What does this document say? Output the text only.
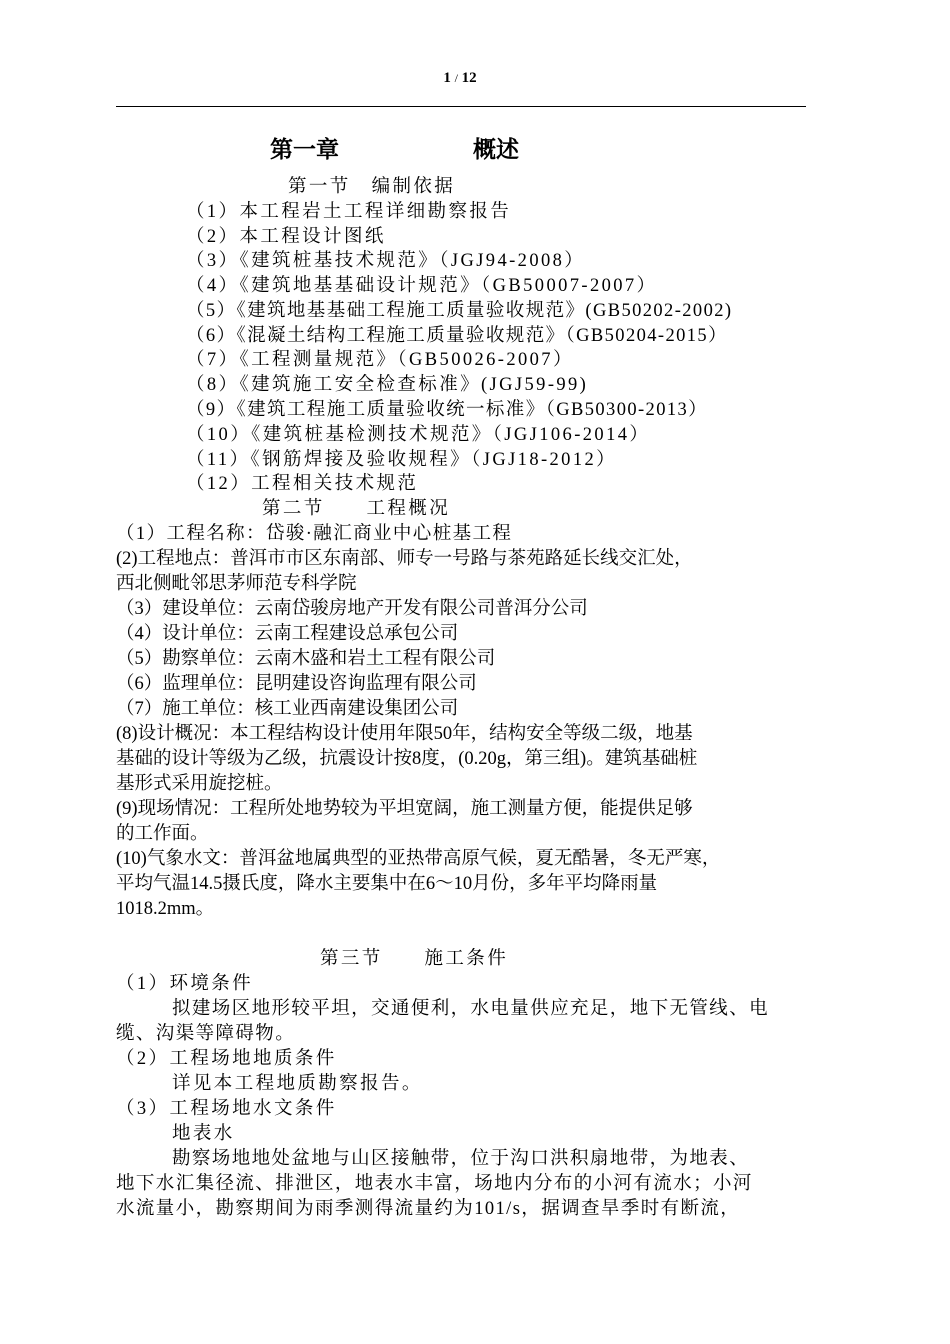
1 / 12
第一章	概述
第一节　编制依据
（1）本工程岩土工程详细勘察报告
（2）本工程设计图纸
（3）《建筑桩基技术规范》（JGJ94-2008）
（4）《建筑地基基础设计规范》（GB50007-2007）
（5）《建筑地基基础工程施工质量验收规范》(GB50202-2002)
（6）《混凝土结构工程施工质量验收规范》（GB50204-2015）
（7）《工程测量规范》（GB50026-2007）
（8）《建筑施工安全检查标准》(JGJ59-99)
（9）《建筑工程施工质量验收统一标准》（GB50300-2013）
（10）《建筑桩基检测技术规范》（JGJ106-2014）
（11）《钢筋焊接及验收规程》（JGJ18-2012）
（12）工程相关技术规范
第二节　　工程概况
（1）工程名称：岱骏·融汇商业中心桩基工程
(2)工程地点：普洱市市区东南部、师专一号路与茶苑路延长线交汇处，
西北侧毗邻思茅师范专科学院
（3）建设单位：云南岱骏房地产开发有限公司普洱分公司
（4）设计单位：云南工程建设总承包公司
（5）勘察单位：云南木盛和岩土工程有限公司
（6）监理单位：昆明建设咨询监理有限公司
（7）施工单位：核工业西南建设集团公司
(8)设计概况：本工程结构设计使用年限50年，结构安全等级二级，地基
基础的设计等级为乙级，抗震设计按8度，(0.20g，第三组)。建筑基础桩
基形式采用旋挖桩。
(9)现场情况：工程所处地势较为平坦宽阔，施工测量方便，能提供足够
的工作面。
(10)气象水文：普洱盆地属典型的亚热带高原气候，夏无酷暑，冬无严寒，
平均气温14.5摄氏度，降水主要集中在6～10月份，多年平均降雨量
1018.2mm。
第三节　　施工条件
（1）环境条件
拟建场区地形较平坦，交通便利，水电量供应充足，地下无管线、电
缆、沟渠等障碍物。
（2）工程场地地质条件
详见本工程地质勘察报告。
（3）工程场地水文条件
地表水
勘察场地地处盆地与山区接触带，位于沟口洪积扇地带，为地表、
地下水汇集径流、排泄区，地表水丰富，场地内分布的小河有流水；小河
水流量小，勘察期间为雨季测得流量约为101/s，据调查旱季时有断流，
